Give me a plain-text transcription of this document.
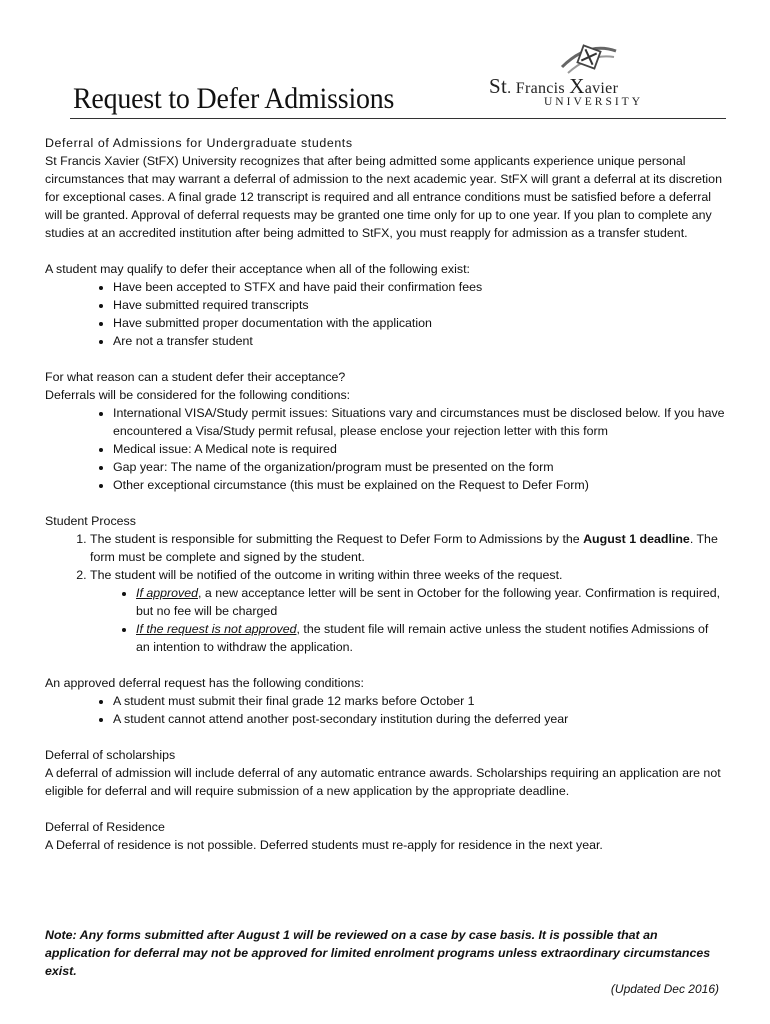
Request to Defer Admissions	St. Francis Xavier
UNIVERSITY

Deferral of Admissions for Undergraduate students

St Francis Xavier (StFX) University recognizes that after being admitted some applicants experience unique personal circumstances that may warrant a deferral of admission to the next academic year. StFX will grant a deferral at its discretion for exceptional cases. A final grade 12 transcript is required and all entrance conditions must be satisfied before a deferral will be granted. Approval of deferral requests may be granted one time only for up to one year. If you plan to complete any studies at an accredited institution after being admitted to StFX, you must reapply for admission as a transfer student.

A student may qualify to defer their acceptance when all of the following exist:

• Have been accepted to STFX and have paid their confirmation fees
• Have submitted required transcripts
• Have submitted proper documentation with the application
• Are not a transfer student

For what reason can a student defer their acceptance?

Deferrals will be considered for the following conditions:

• International VISA/Study permit issues: Situations vary and circumstances must be disclosed below. If you have encountered a Visa/Study permit refusal, please enclose your rejection letter with this form
• Medical issue: A Medical note is required
• Gap year: The name of the organization/program must be presented on the form
• Other exceptional circumstance (this must be explained on the Request to Defer Form)

Student Process

1. The student is responsible for submitting the Request to Defer Form to Admissions by the August 1 deadline. The form must be complete and signed by the student.
2. The student will be notified of the outcome in writing within three weeks of the request.
• If approved, a new acceptance letter will be sent in October for the following year. Confirmation is required, but no fee will be charged
• If the request is not approved, the student file will remain active unless the student notifies Admissions of an intention to withdraw the application.

An approved deferral request has the following conditions:

• A student must submit their final grade 12 marks before October 1
• A student cannot attend another post-secondary institution during the deferred year

Deferral of scholarships

A deferral of admission will include deferral of any automatic entrance awards. Scholarships requiring an application are not eligible for deferral and will require submission of a new application by the appropriate deadline.

Deferral of Residence

A Deferral of residence is not possible. Deferred students must re-apply for residence in the next year.

Note: Any forms submitted after August 1 will be reviewed on a case by case basis. It is possible that an application for deferral may not be approved for limited enrolment programs unless extraordinary circumstances exist.

(Updated Dec 2016)
